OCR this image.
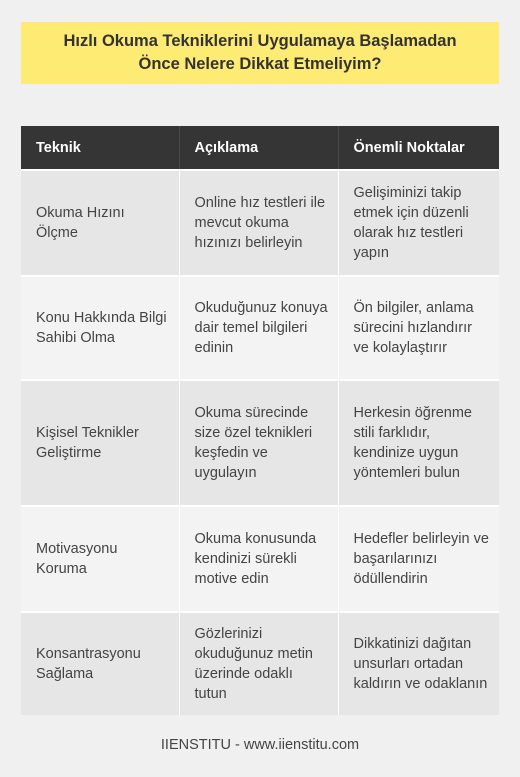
Hızlı Okuma Tekniklerini Uygulamaya Başlamadan Önce Nelere Dikkat Etmeliyim?
Teknik	Açıklama	Önemli Noktalar
Okuma Hızını Ölçme	Online hız testleri ile mevcut okuma hızınızı belirleyin	Gelişiminizi takip etmek için düzenli olarak hız testleri yapın
Konu Hakkında Bilgi Sahibi Olma	Okuduğunuz konuya dair temel bilgileri edinin	Ön bilgiler, anlama sürecini hızlandırır ve kolaylaştırır
Kişisel Teknikler Geliştirme	Okuma sürecinde size özel teknikleri keşfedin ve uygulayın	Herkesin öğrenme stili farklıdır, kendinize uygun yöntemleri bulun
Motivasyonu Koruma	Okuma konusunda kendinizi sürekli motive edin	Hedefler belirleyin ve başarılarınızı ödüllendirin
Konsantrasyonu Sağlama	Gözlerinizi okuduğunuz metin üzerinde odaklı tutun	Dikkatinizi dağıtan unsurları ortadan kaldırın ve odaklanın
IIENSTITU - www.iienstitu.com
